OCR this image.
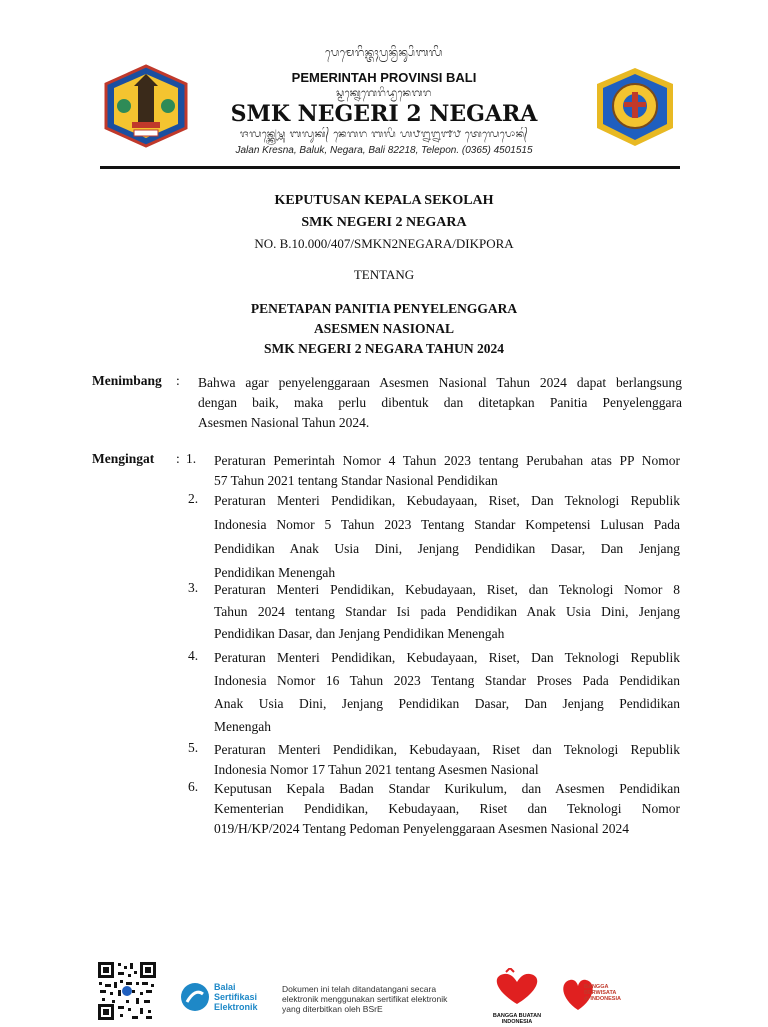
ᬧᬾᬫᬾᬭᬶᬦ᭄ᬢᬄᬧ᭄ᬭᬦ᭄ᬯᬶᬦ᭄ᬲᬶᬩᬮᬶ
PEMERINTAH PROVINSI BALI
ᬲ᭄ᬫᬓ᭄ᬦᬾᬕᬾᬭᬶᬤ᭄ᬯᬦᬾᬕᬭ
SMK NEGERI 2 NEGARA
ᬚᬮᬦ᭄ᬓ᭄ᬭᬾᬱ᭄ᬡ ᬩᬮᬸᬓ᭄ ᬦᬾᬕᬭ ᬩᬮᬶ ᬳ᭘᭒᭒᭑᭘ ᬢᬾᬮᬾᬧᭀᬦ᭄
Jalan Kresna, Baluk, Negara, Bali 82218, Telepon. (0365) 4501515
KEPUTUSAN KEPALA SEKOLAH
SMK NEGERI 2 NEGARA
NO. B.10.000/407/SMKN2NEGARA/DIKPORA
TENTANG
PENETAPAN PANITIA PENYELENGGARA
ASESMEN NASIONAL
SMK NEGERI 2 NEGARA TAHUN 2024
Menimbang : Bahwa agar penyelenggaraan Asesmen Nasional Tahun 2024 dapat berlangsung
dengan baik, maka perlu dibentuk dan ditetapkan Panitia Penyelenggara
Asesmen Nasional Tahun 2024.
Mengingat : 1. Peraturan Pemerintah Nomor 4 Tahun 2023 tentang Perubahan atas PP Nomor
57 Tahun 2021 tentang Standar Nasional Pendidikan
2. Peraturan Menteri Pendidikan, Kebudayaan, Riset, Dan Teknologi Republik
Indonesia Nomor 5 Tahun 2023 Tentang Standar Kompetensi Lulusan Pada
Pendidikan Anak Usia Dini, Jenjang Pendidikan Dasar, Dan Jenjang
Pendidikan Menengah
3. Peraturan Menteri Pendidikan, Kebudayaan, Riset, dan Teknologi Nomor 8
Tahun 2024 tentang Standar Isi pada Pendidikan Anak Usia Dini, Jenjang
Pendidikan Dasar, dan Jenjang Pendidikan Menengah
4. Peraturan Menteri Pendidikan, Kebudayaan, Riset, Dan Teknologi Republik
Indonesia Nomor 16 Tahun 2023 Tentang Standar Proses Pada Pendidikan
Anak Usia Dini, Jenjang Pendidikan Dasar, Dan Jenjang Pendidikan
Menengah
5. Peraturan Menteri Pendidikan, Kebudayaan, Riset dan Teknologi Republik
Indonesia Nomor 17 Tahun 2021 tentang Asesmen Nasional
6. Keputusan Kepala Badan Standar Kurikulum, dan Asesmen Pendidikan
Kementerian Pendidikan, Kebudayaan, Riset dan Teknologi Nomor
019/H/KP/2024 Tentang Pedoman Penyelenggaraan Asesmen Nasional 2024
Balai
Sertifikasi
Elektronik
Dokumen ini telah ditandatangani secara
elektronik menggunakan sertifikat elektronik
yang diterbitkan oleh BSrE
BANGGA BUATAN INDONESIA
BANGGA
BERWISATA
di INDONESIA
